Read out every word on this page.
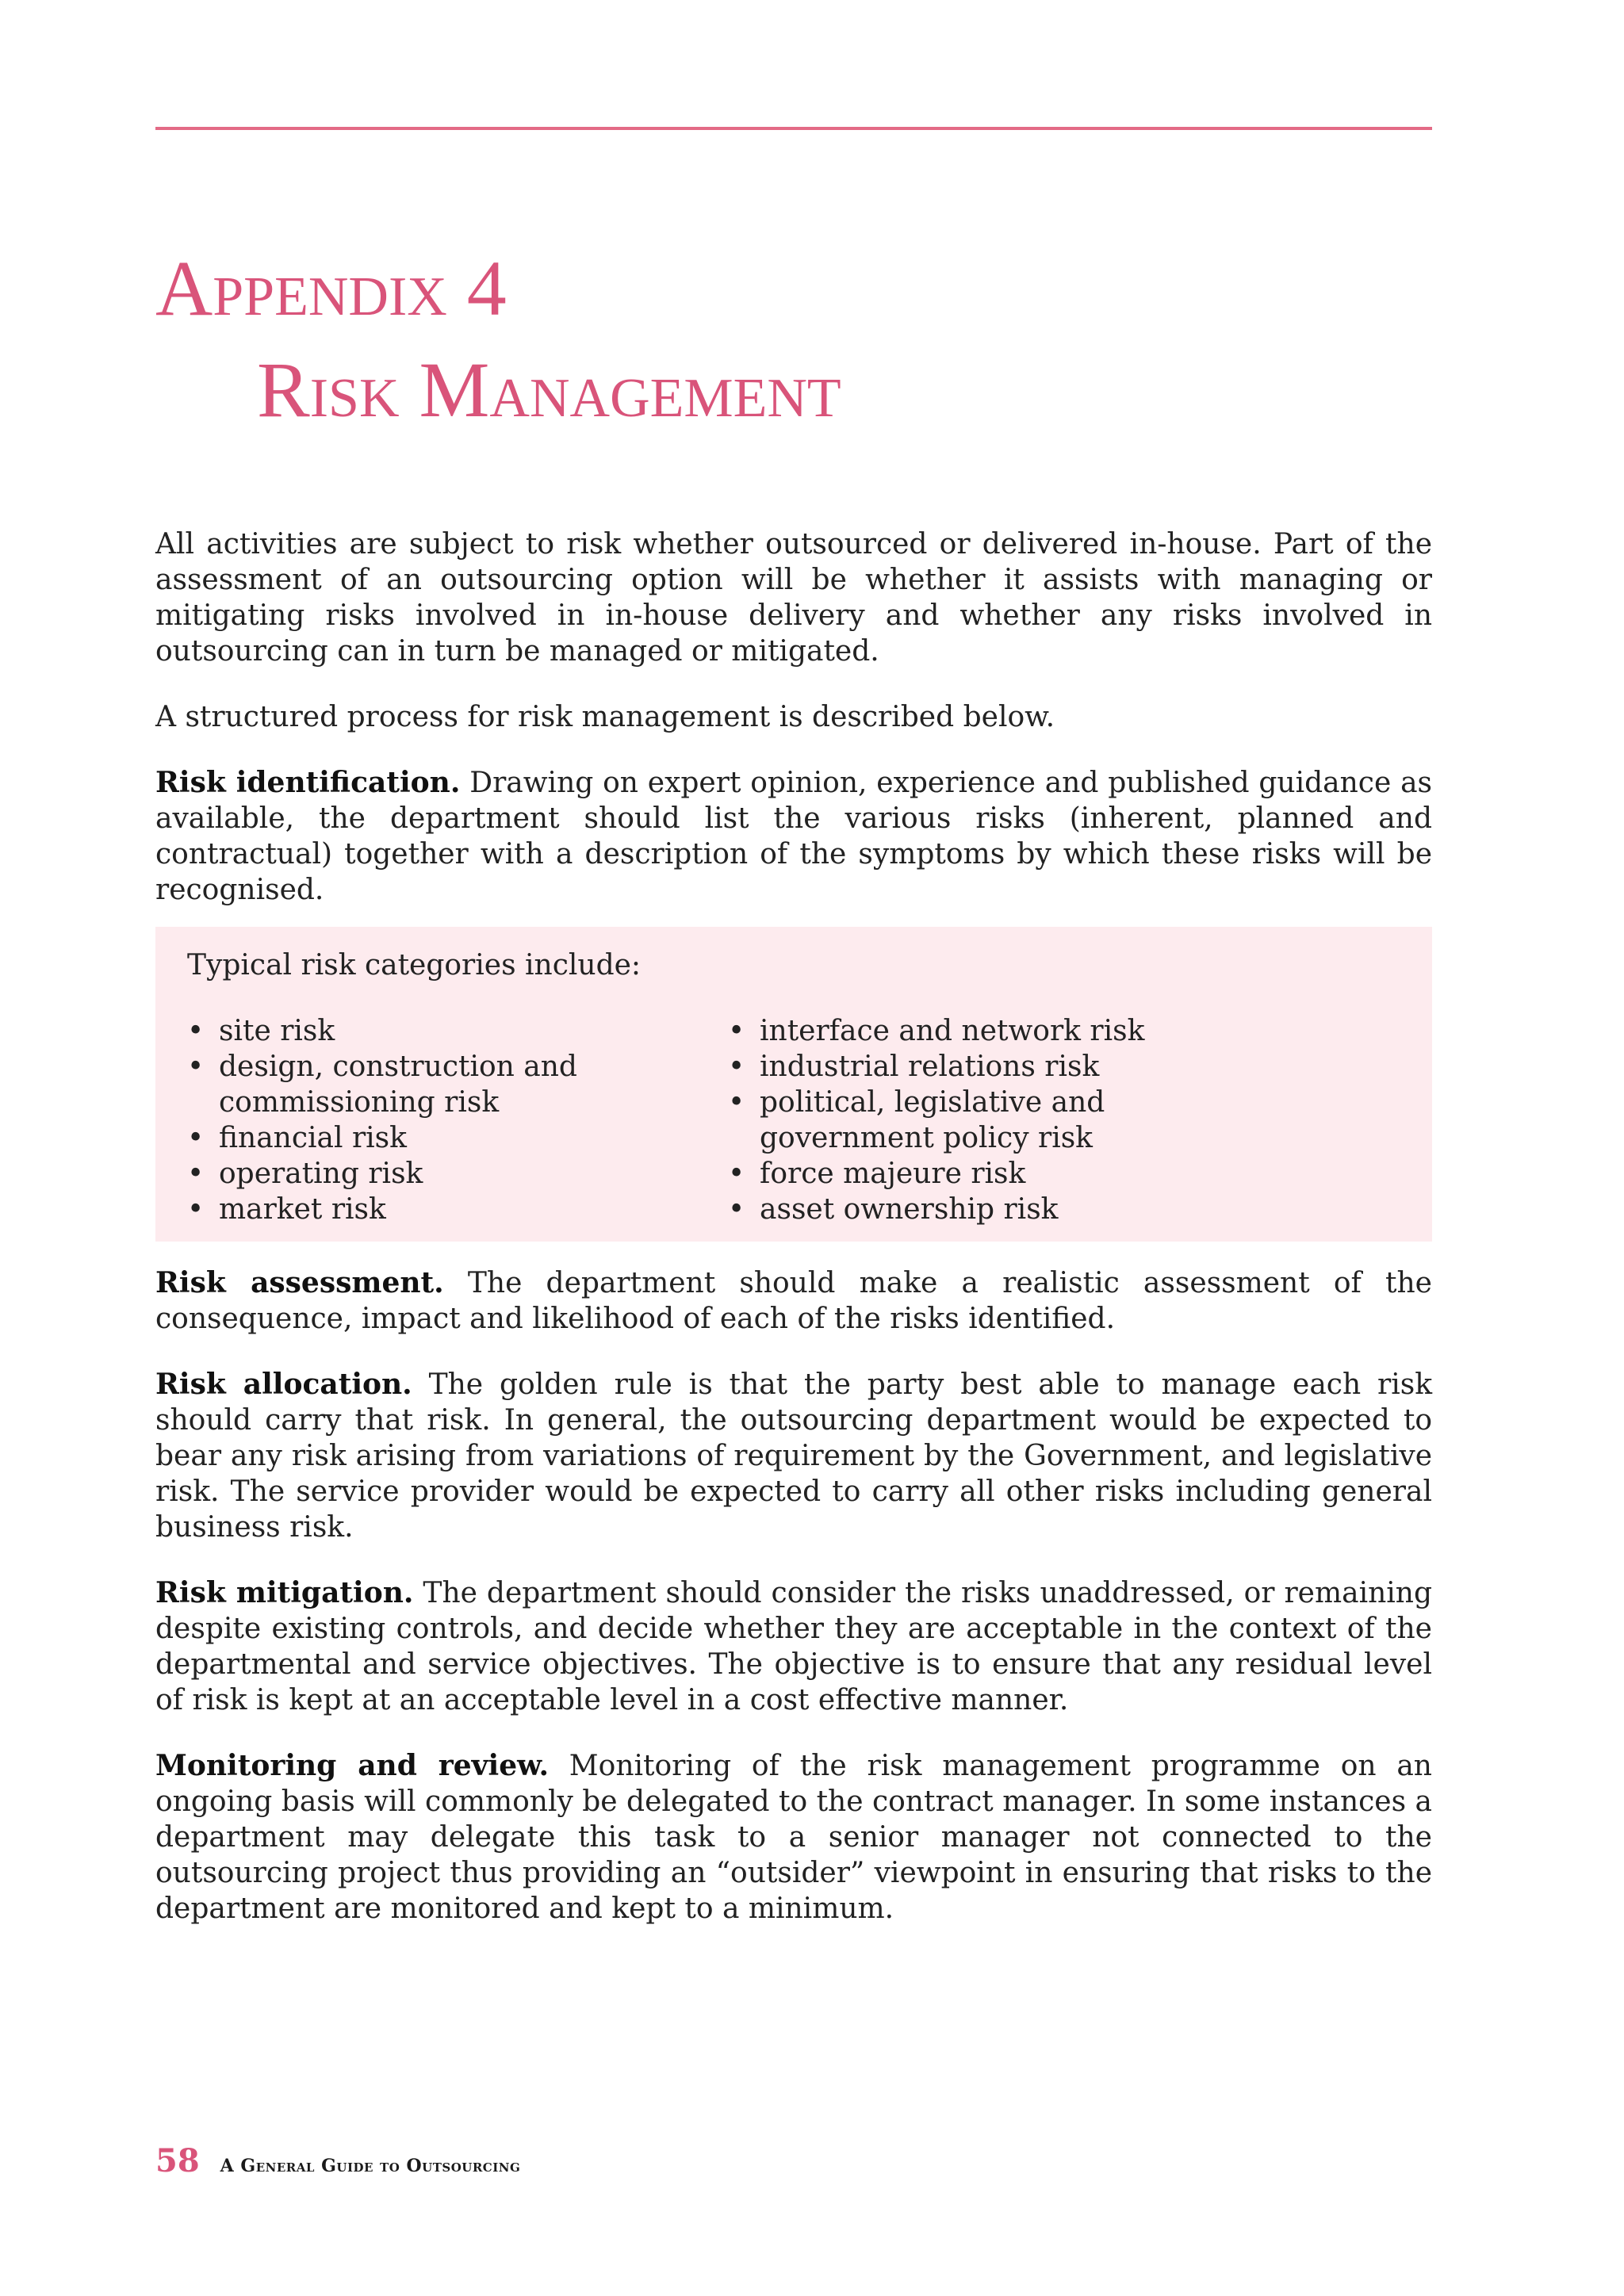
Appendix 4
Risk Management

All activities are subject to risk whether outsourced or delivered in-house. Part of the assessment of an outsourcing option will be whether it assists with managing or mitigating risks involved in in-house delivery and whether any risks involved in outsourcing can in turn be managed or mitigated.

A structured process for risk management is described below.

Risk identification. Drawing on expert opinion, experience and published guidance as available, the department should list the various risks (inherent, planned and contractual) together with a description of the symptoms by which these risks will be recognised.

Typical risk categories include:

• site risk
• design, construction and commissioning risk
• financial risk
• operating risk
• market risk
• interface and network risk
• industrial relations risk
• political, legislative and government policy risk
• force majeure risk
• asset ownership risk

Risk assessment. The department should make a realistic assessment of the consequence, impact and likelihood of each of the risks identified.

Risk allocation. The golden rule is that the party best able to manage each risk should carry that risk. In general, the outsourcing department would be expected to bear any risk arising from variations of requirement by the Government, and legislative risk. The service provider would be expected to carry all other risks including general business risk.

Risk mitigation. The department should consider the risks unaddressed, or remaining despite existing controls, and decide whether they are acceptable in the context of the departmental and service objectives. The objective is to ensure that any residual level of risk is kept at an acceptable level in a cost effective manner.

Monitoring and review. Monitoring of the risk management programme on an ongoing basis will commonly be delegated to the contract manager. In some instances a department may delegate this task to a senior manager not connected to the outsourcing project thus providing an “outsider” viewpoint in ensuring that risks to the department are monitored and kept to a minimum.

58 A General Guide to Outsourcing
